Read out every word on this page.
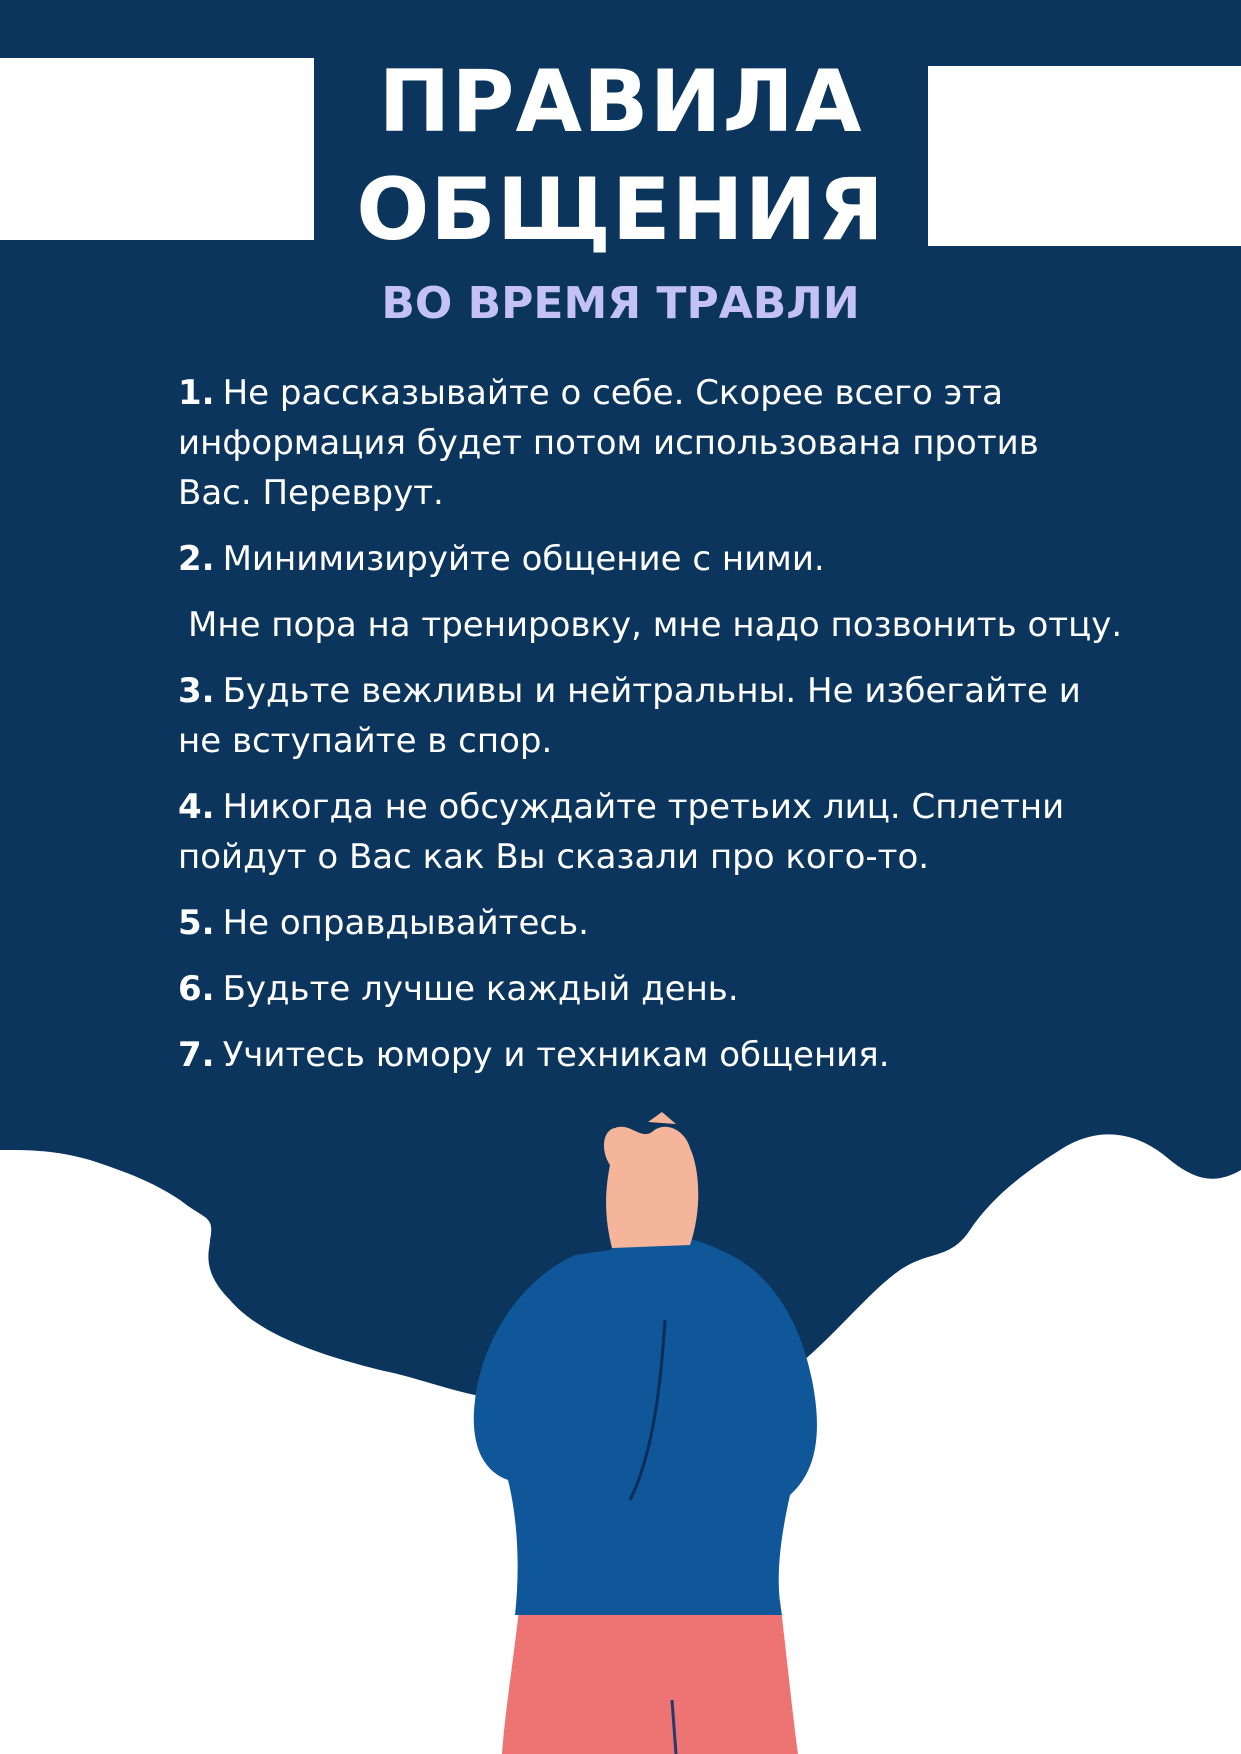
ПРАВИЛА
ОБЩЕНИЯ
ВО ВРЕМЯ ТРАВЛИ
1. Не рассказывайте о себе. Скорее всего эта информация будет потом использована против Вас. Переврут.
2. Минимизируйте общение с ними.
Мне пора на тренировку, мне надо позвонить отцу.
3. Будьте вежливы и нейтральны. Не избегайте и не вступайте в спор.
4. Никогда не обсуждайте третьих лиц. Сплетни пойдут о Вас как Вы сказали про кого-то.
5. Не оправдывайтесь.
6. Будьте лучше каждый день.
7. Учитесь юмору и техникам общения.
